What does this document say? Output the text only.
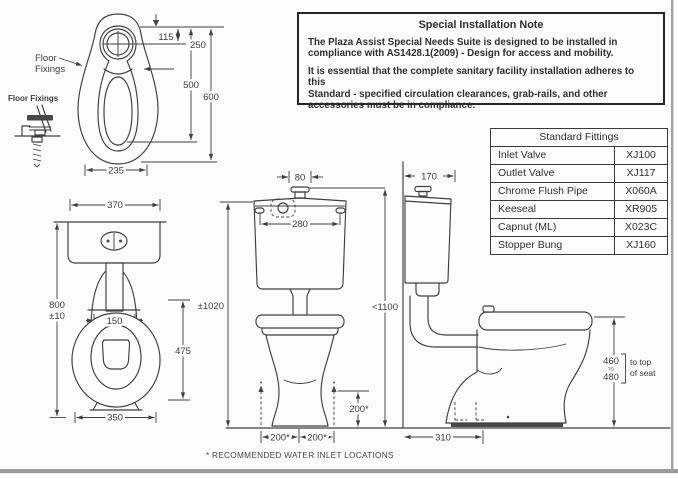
Floor
Fixings
115
250
500
600
235
Floor Fixings
370
150
800
±10
475
350
80
280
±1020	<1100
200* 200*
200*
170
310
460
TO
480
to top
of seat
Special Installation Note

The Plaza Assist Special Needs Suite is designed to be installed in
compliance with AS1428.1(2009) - Design for access and mobility.

It is essential that the complete sanitary facility installation adheres to this
Standard - specified circulation clearances, grab-rails, and other
accessories must be in compliance.

Standard Fittings
Inlet Valve	XJ100
Outlet Valve	XJ117
Chrome Flush Pipe	X060A
Keeseal	XR905
Capnut (ML)	X023C
Stopper Bung	XJ160
* RECOMMENDED WATER INLET LOCATIONS
